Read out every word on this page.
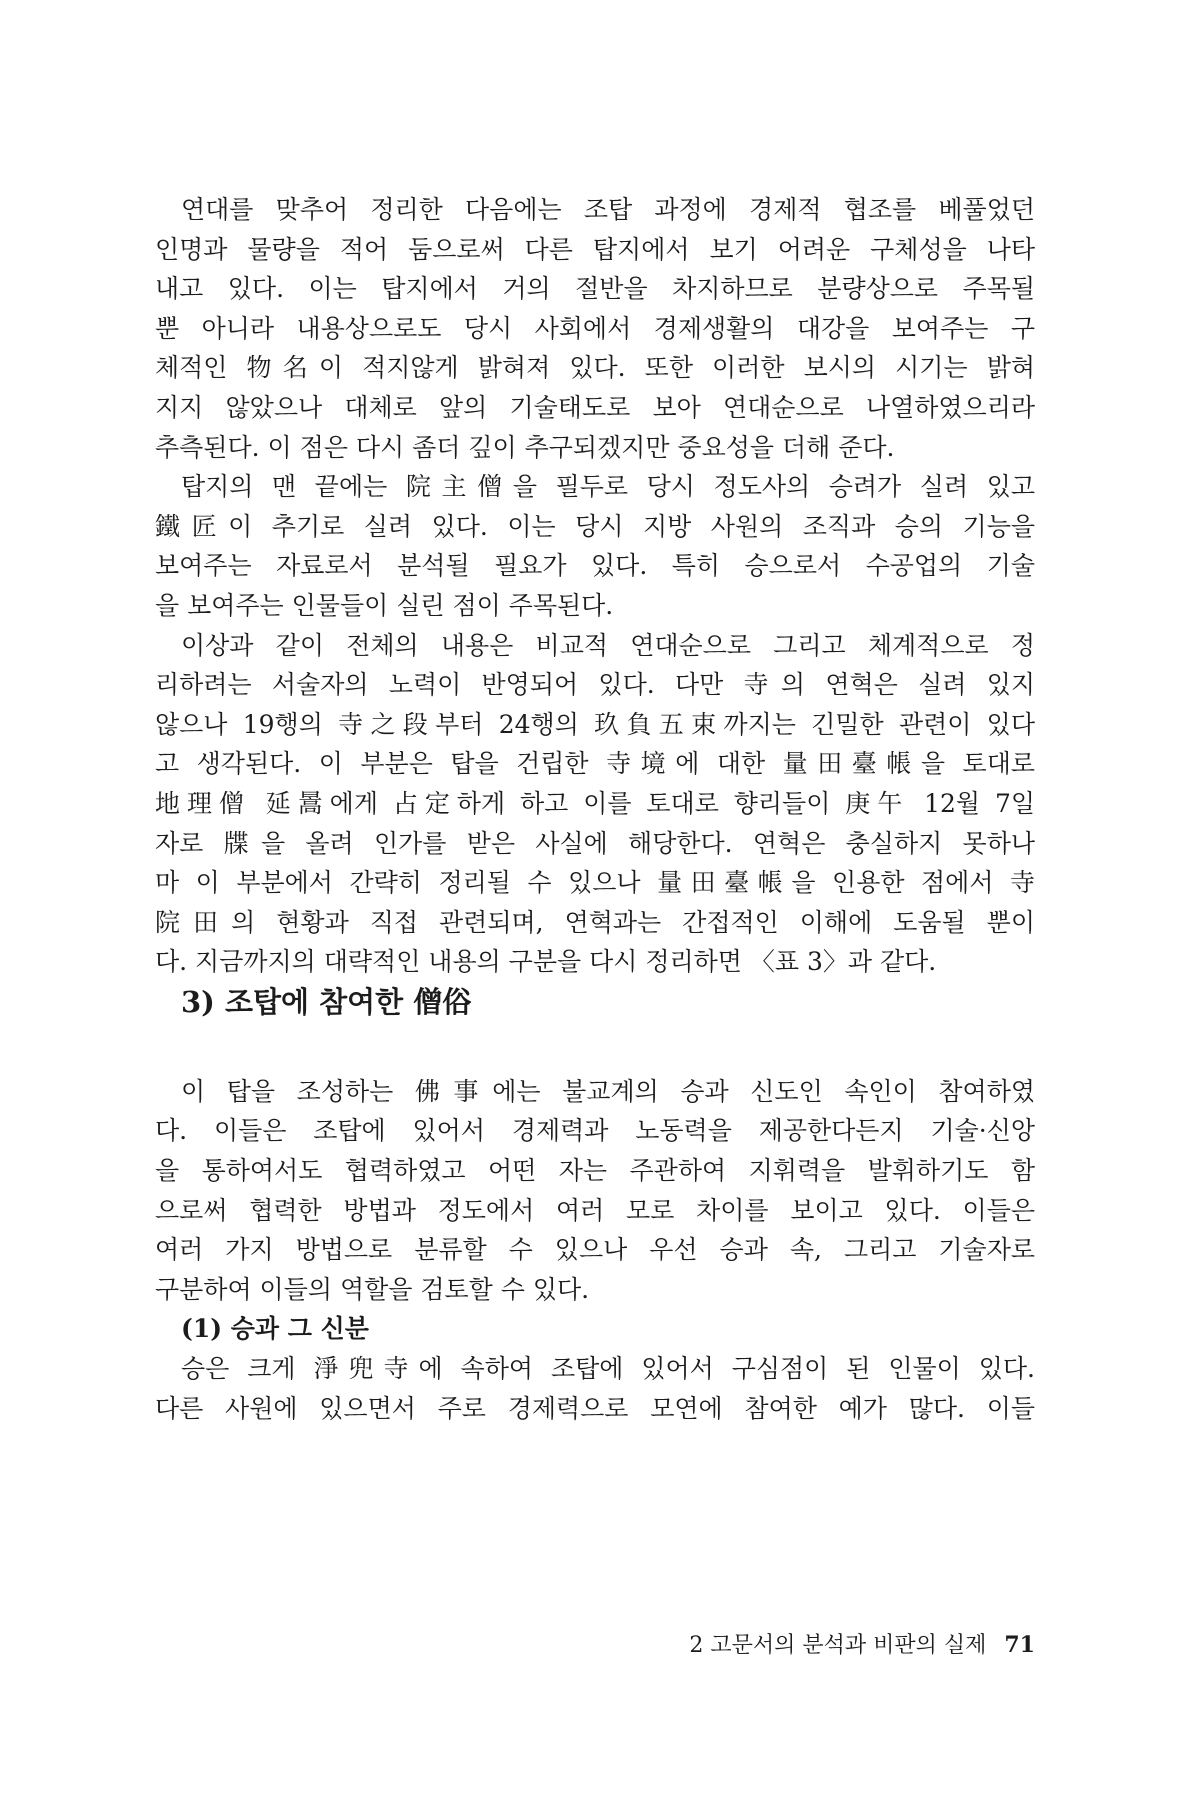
연대를 맞추어 정리한 다음에는 조탑 과정에 경제적 협조를 베풀었던
인명과 물량을 적어 둠으로써 다른 탑지에서 보기 어려운 구체성을 나타
내고 있다. 이는 탑지에서 거의 절반을 차지하므로 분량상으로 주목될
뿐 아니라 내용상으로도 당시 사회에서 경제생활의 대강을 보여주는 구
체적인 物名이 적지않게 밝혀져 있다. 또한 이러한 보시의 시기는 밝혀
지지 않았으나 대체로 앞의 기술태도로 보아 연대순으로 나열하였으리라
추측된다. 이 점은 다시 좀더 깊이 추구되겠지만 중요성을 더해 준다.
탑지의 맨 끝에는 院主僧을 필두로 당시 정도사의 승려가 실려 있고
鐵匠이 추기로 실려 있다. 이는 당시 지방 사원의 조직과 승의 기능을
보여주는 자료로서 분석될 필요가 있다. 특히 승으로서 수공업의 기술
을 보여주는 인물들이 실린 점이 주목된다.
이상과 같이 전체의 내용은 비교적 연대순으로 그리고 체계적으로 정
리하려는 서술자의 노력이 반영되어 있다. 다만 寺의 연혁은 실려 있지
않으나 19행의 寺之段부터 24행의 玖負五束까지는 긴밀한 관련이 있다
고 생각된다. 이 부분은 탑을 건립한 寺境에 대한 量田臺帳을 토대로
地理僧 延暠에게 占定하게 하고 이를 토대로 향리들이 庚午 12월 7일
자로 牒을 올려 인가를 받은 사실에 해당한다. 연혁은 충실하지 못하나
마 이 부분에서 간략히 정리될 수 있으나 量田臺帳을 인용한 점에서 寺
院田의 현황과 직접 관련되며, 연혁과는 간접적인 이해에 도움될 뿐이
다. 지금까지의 대략적인 내용의 구분을 다시 정리하면 〈표 3〉과 같다.
3) 조탑에 참여한 僧俗
이 탑을 조성하는 佛事에는 불교계의 승과 신도인 속인이 참여하였
다. 이들은 조탑에 있어서 경제력과 노동력을 제공한다든지 기술·신앙
을 통하여서도 협력하였고 어떤 자는 주관하여 지휘력을 발휘하기도 함
으로써 협력한 방법과 정도에서 여러 모로 차이를 보이고 있다. 이들은
여러 가지 방법으로 분류할 수 있으나 우선 승과 속, 그리고 기술자로
구분하여 이들의 역할을 검토할 수 있다.
(1) 승과 그 신분
승은 크게 淨兜寺에 속하여 조탑에 있어서 구심점이 된 인물이 있다.
다른 사원에 있으면서 주로 경제력으로 모연에 참여한 예가 많다. 이들
2 고문서의 분석과 비판의 실제 71
